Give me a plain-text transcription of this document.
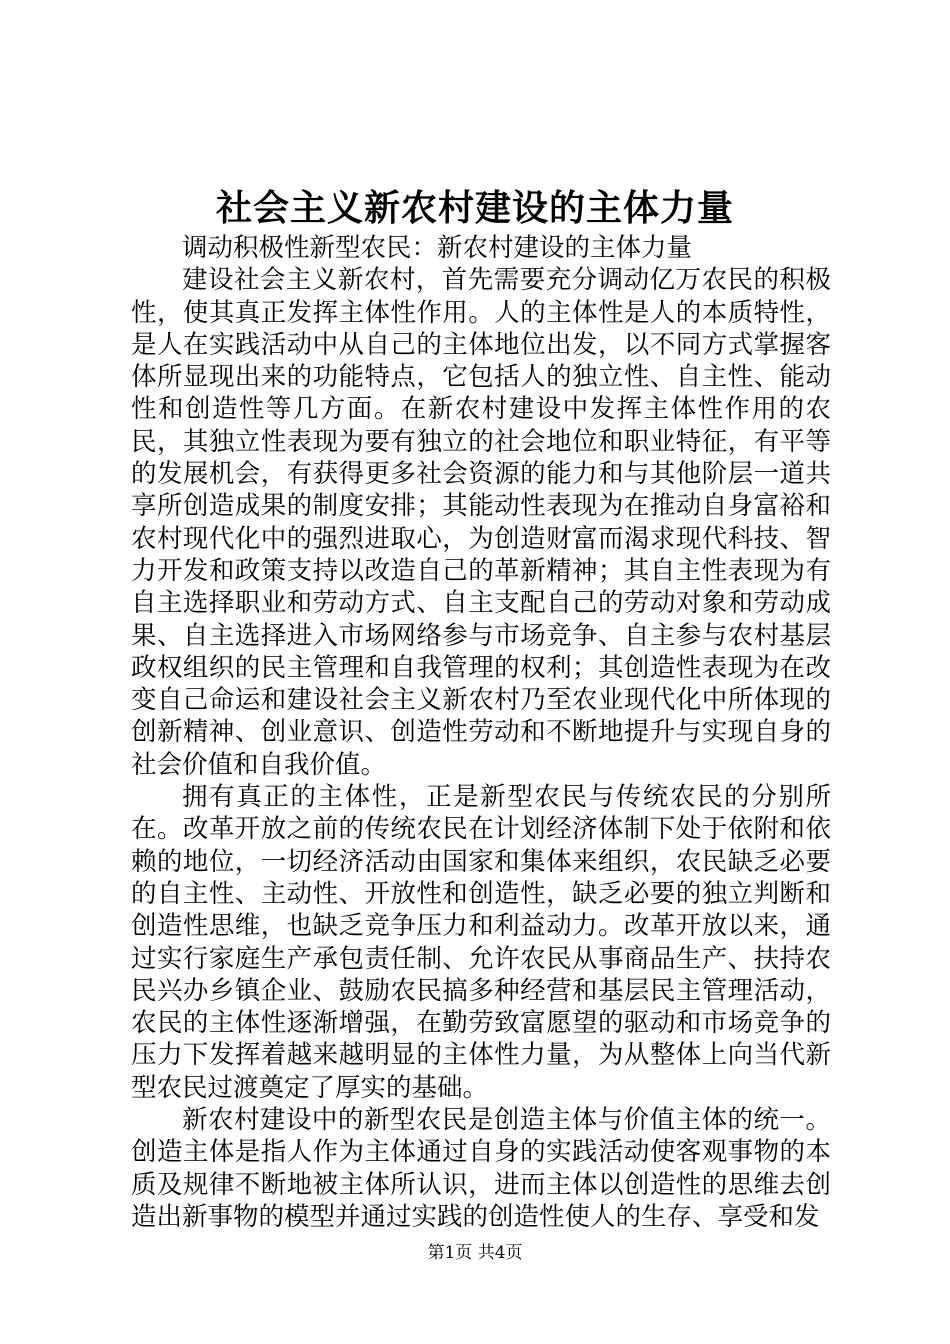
社会主义新农村建设的主体力量

调动积极性新型农民：新农村建设的主体力量

建设社会主义新农村，首先需要充分调动亿万农民的积极性，使其真正发挥主体性作用。人的主体性是人的本质特性，是人在实践活动中从自己的主体地位出发，以不同方式掌握客体所显现出来的功能特点，它包括人的独立性、自主性、能动性和创造性等几方面。在新农村建设中发挥主体性作用的农民，其独立性表现为要有独立的社会地位和职业特征，有平等的发展机会，有获得更多社会资源的能力和与其他阶层一道共享所创造成果的制度安排；其能动性表现为在推动自身富裕和农村现代化中的强烈进取心，为创造财富而渴求现代科技、智力开发和政策支持以改造自己的革新精神；其自主性表现为有自主选择职业和劳动方式、自主支配自己的劳动对象和劳动成果、自主选择进入市场网络参与市场竞争、自主参与农村基层政权组织的民主管理和自我管理的权利；其创造性表现为在改变自己命运和建设社会主义新农村乃至农业现代化中所体现的创新精神、创业意识、创造性劳动和不断地提升与实现自身的社会价值和自我价值。

拥有真正的主体性，正是新型农民与传统农民的分别所在。改革开放之前的传统农民在计划经济体制下处于依附和依赖的地位，一切经济活动由国家和集体来组织，农民缺乏必要的自主性、主动性、开放性和创造性，缺乏必要的独立判断和创造性思维，也缺乏竞争压力和利益动力。改革开放以来，通过实行家庭生产承包责任制、允许农民从事商品生产、扶持农民兴办乡镇企业、鼓励农民搞多种经营和基层民主管理活动，农民的主体性逐渐增强，在勤劳致富愿望的驱动和市场竞争的压力下发挥着越来越明显的主体性力量，为从整体上向当代新型农民过渡奠定了厚实的基础。

新农村建设中的新型农民是创造主体与价值主体的统一。创造主体是指人作为主体通过自身的实践活动使客观事物的本质及规律不断地被主体所认识，进而主体以创造性的思维去创造出新事物的模型并通过实践的创造性使人的生存、享受和发

第1页 共4页
